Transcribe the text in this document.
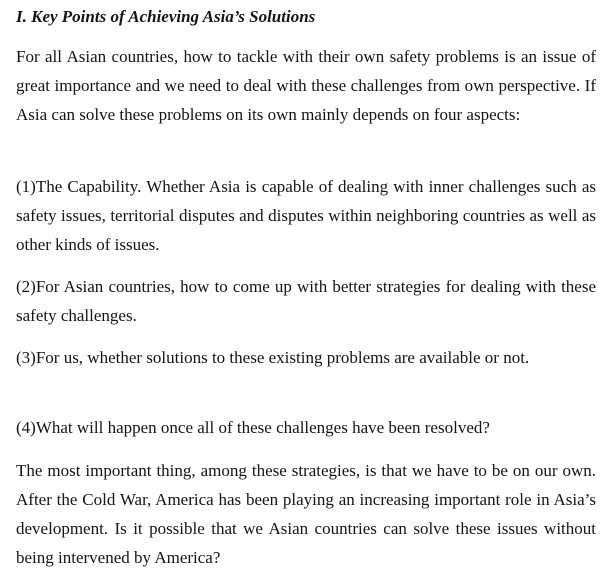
I. Key Points of Achieving Asia’s Solutions

For all Asian countries, how to tackle with their own safety problems is an issue of great importance and we need to deal with these challenges from own perspective. If Asia can solve these problems on its own mainly depends on four aspects:

(1)The Capability. Whether Asia is capable of dealing with inner challenges such as safety issues, territorial disputes and disputes within neighboring countries as well as other kinds of issues.

(2)For Asian countries, how to come up with better strategies for dealing with these safety challenges.

(3)For us, whether solutions to these existing problems are available or not.

(4)What will happen once all of these challenges have been resolved?

The most important thing, among these strategies, is that we have to be on our own. After the Cold War, America has been playing an increasing important role in Asia’s development. Is it possible that we Asian countries can solve these issues without being intervened by America?
